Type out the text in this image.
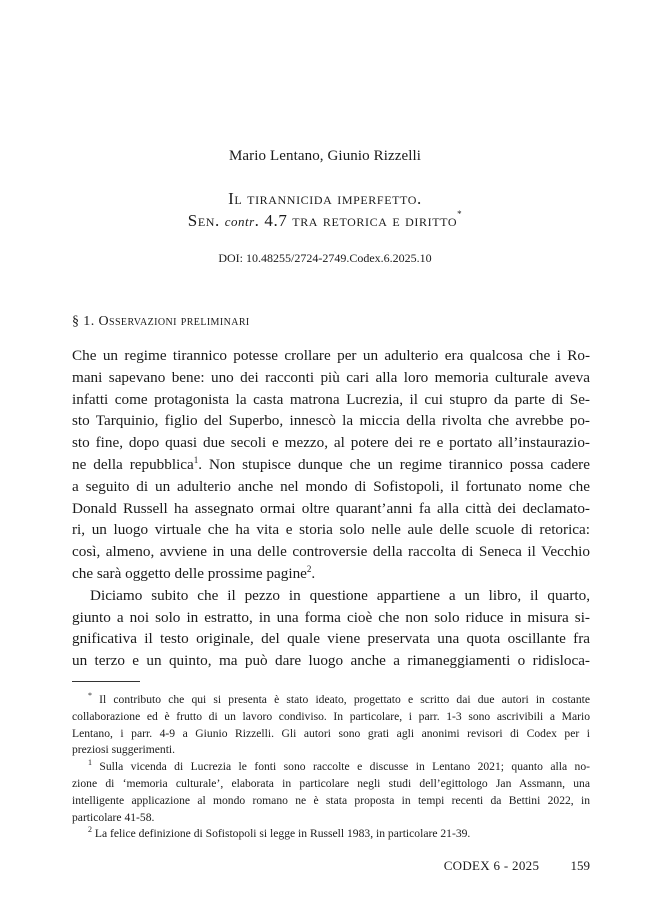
Mario Lentano, Giunio Rizzelli
Il tirannicida imperfetto.
Sen. contr. 4.7 tra retorica e diritto*
DOI: 10.48255/2724-2749.Codex.6.2025.10
§ 1. Osservazioni preliminari
Che un regime tirannico potesse crollare per un adulterio era qualcosa che i Ro-
mani sapevano bene: uno dei racconti più cari alla loro memoria culturale aveva
infatti come protagonista la casta matrona Lucrezia, il cui stupro da parte di Se-
sto Tarquinio, figlio del Superbo, innescò la miccia della rivolta che avrebbe po-
sto fine, dopo quasi due secoli e mezzo, al potere dei re e portato all’instaurazio-
ne della repubblica$^1$. Non stupisce dunque che un regime tirannico possa cadere
a seguito di un adulterio anche nel mondo di Sofistopoli, il fortunato nome che
Donald Russell ha assegnato ormai oltre quarant’anni fa alla città dei declamato-
ri, un luogo virtuale che ha vita e storia solo nelle aule delle scuole di retorica:
così, almeno, avviene in una delle controversie della raccolta di Seneca il Vecchio
che sarà oggetto delle prossime pagine$^2$.
Diciamo subito che il pezzo in questione appartiene a un libro, il quarto,
giunto a noi solo in estratto, in una forma cioè che non solo riduce in misura si-
gnificativa il testo originale, del quale viene preservata una quota oscillante fra
un terzo e un quinto, ma può dare luogo anche a rimaneggiamenti o ridisloca-
* Il contributo che qui si presenta è stato ideato, progettato e scritto dai due autori in costante
collaborazione ed è frutto di un lavoro condiviso. In particolare, i parr. 1-3 sono ascrivibili a Mario
Lentano, i parr. 4-9 a Giunio Rizzelli. Gli autori sono grati agli anonimi revisori di Codex per i
preziosi suggerimenti.
$^1$ Sulla vicenda di Lucrezia le fonti sono raccolte e discusse in Lentano 2021; quanto alla no-
zione di ‘memoria culturale’, elaborata in particolare negli studi dell’egittologo Jan Assmann, una
intelligente applicazione al mondo romano ne è stata proposta in tempi recenti da Bettini 2022, in
particolare 41-58.
$^2$ La felice definizione di Sofistopoli si legge in Russell 1983, in particolare 21-39.
CODEX 6 - 2025 159
